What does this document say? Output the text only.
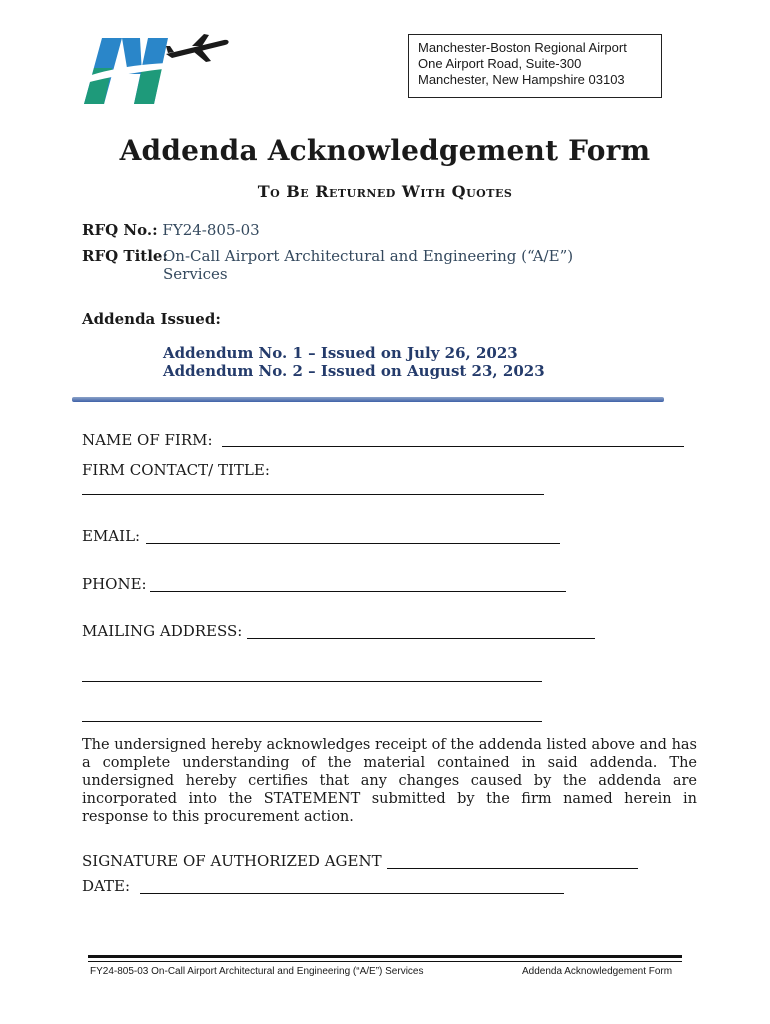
Manchester-Boston Regional Airport
One Airport Road, Suite-300
Manchester, New Hampshire 03103
Addenda Acknowledgement Form
To Be Returned With Quotes
RFQ No.: FY24-805-03
RFQ Title:
On-Call Airport Architectural and Engineering (“A/E”) Services
Addenda Issued:
Addendum No. 1 – Issued on July 26, 2023
Addendum No. 2 – Issued on August 23, 2023
NAME OF FIRM:
FIRM CONTACT/ TITLE:
EMAIL:
PHONE:
MAILING ADDRESS:
The undersigned hereby acknowledges receipt of the addenda listed above and has a complete understanding of the material contained in said addenda. The undersigned hereby certifies that any changes caused by the addenda are incorporated into the STATEMENT submitted by the firm named herein in response to this procurement action.
SIGNATURE OF AUTHORIZED AGENT
DATE:
FY24-805-03 On-Call Airport Architectural and Engineering (“A/E”) Services	Addenda Acknowledgement Form
